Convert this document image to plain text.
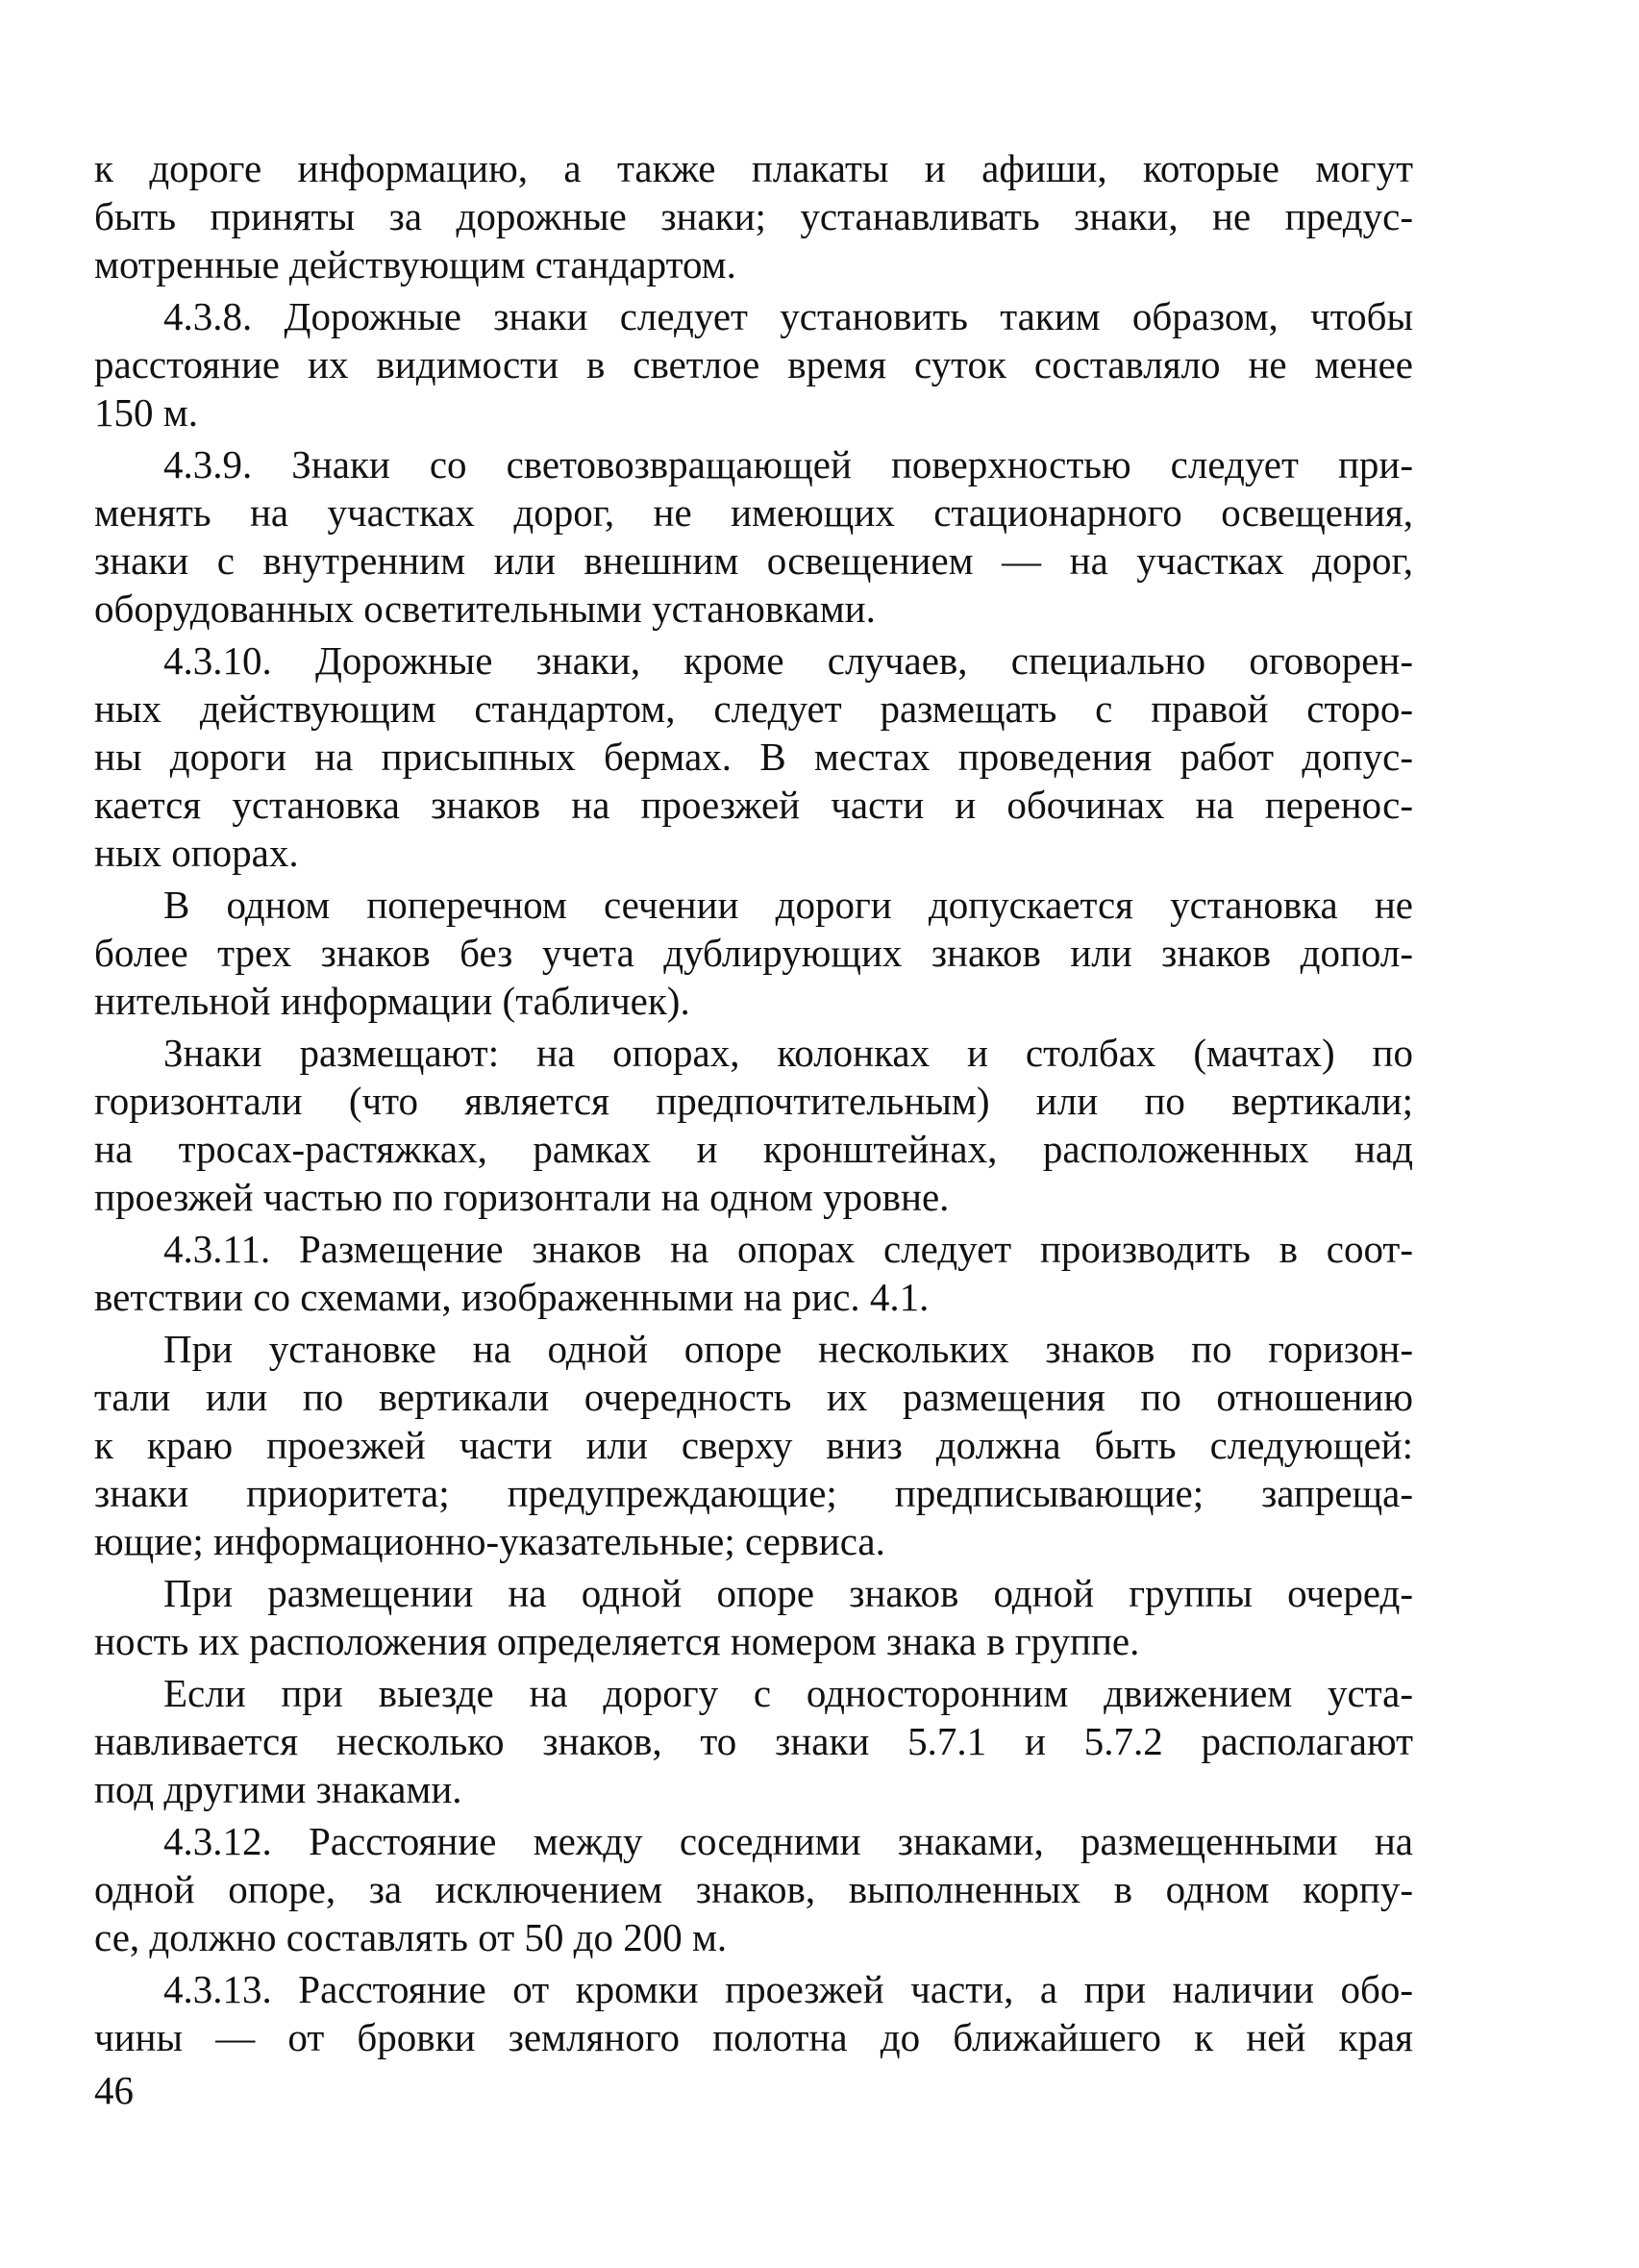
к дороге информацию, а также плакаты и афиши, которые могут
быть приняты за дорожные знаки; устанавливать знаки, не предус-
мотренные действующим стандартом.
4.3.8. Дорожные знаки следует установить таким образом, чтобы
расстояние их видимости в светлое время суток составляло не менее
150 м.
4.3.9. Знаки со световозвращающей поверхностью следует при-
менять на участках дорог, не имеющих стационарного освещения,
знаки с внутренним или внешним освещением — на участках дорог,
оборудованных осветительными установками.
4.3.10. Дорожные знаки, кроме случаев, специально оговорен-
ных действующим стандартом, следует размещать с правой сторо-
ны дороги на присыпных бермах. В местах проведения работ допус-
кается установка знаков на проезжей части и обочинах на перенос-
ных опорах.
В одном поперечном сечении дороги допускается установка не
более трех знаков без учета дублирующих знаков или знаков допол-
нительной информации (табличек).
Знаки размещают: на опорах, колонках и столбах (мачтах) по
горизонтали (что является предпочтительным) или по вертикали;
на тросах-растяжках, рамках и кронштейнах, расположенных над
проезжей частью по горизонтали на одном уровне.
4.3.11. Размещение знаков на опорах следует производить в соот-
ветствии со схемами, изображенными на рис. 4.1.
При установке на одной опоре нескольких знаков по горизон-
тали или по вертикали очередность их размещения по отношению
к краю проезжей части или сверху вниз должна быть следующей:
знаки приоритета; предупреждающие; предписывающие; запреща-
ющие; информационно-указательные; сервиса.
При размещении на одной опоре знаков одной группы очеред-
ность их расположения определяется номером знака в группе.
Если при выезде на дорогу с односторонним движением уста-
навливается несколько знаков, то знаки 5.7.1 и 5.7.2 располагают
под другими знаками.
4.3.12. Расстояние между соседними знаками, размещенными на
одной опоре, за исключением знаков, выполненных в одном корпу-
се, должно составлять от 50 до 200 м.
4.3.13. Расстояние от кромки проезжей части, а при наличии обо-
чины — от бровки земляного полотна до ближайшего к ней края
46
